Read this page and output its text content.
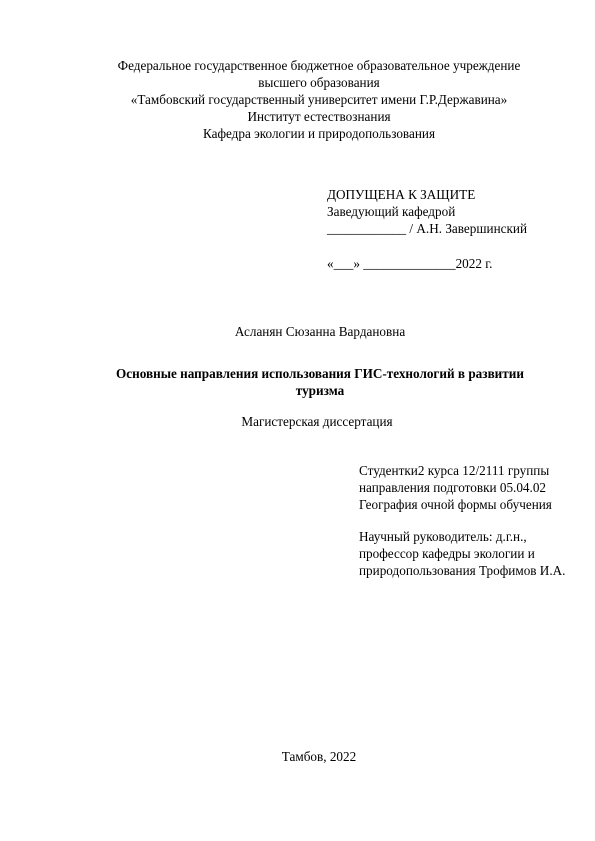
Федеральное государственное бюджетное образовательное учреждение
высшего образования
«Тамбовский государственный университет имени Г.Р.Державина»
Институт естествознания
Кафедра экологии и природопользования
ДОПУЩЕНА К ЗАЩИТЕ
Заведующий кафедрой
____________ / А.Н. Завершинский
«___» ______________2022 г.
Асланян Сюзанна Вардановна
Основные направления использования ГИС-технологий в развитии
туризма
Магистерская диссертация
Студентки2 курса 12/2111 группы
направления подготовки 05.04.02
География очной формы обучения
Научный руководитель: д.г.н.,
профессор кафедры экологии и
природопользования Трофимов И.А.
Тамбов, 2022
